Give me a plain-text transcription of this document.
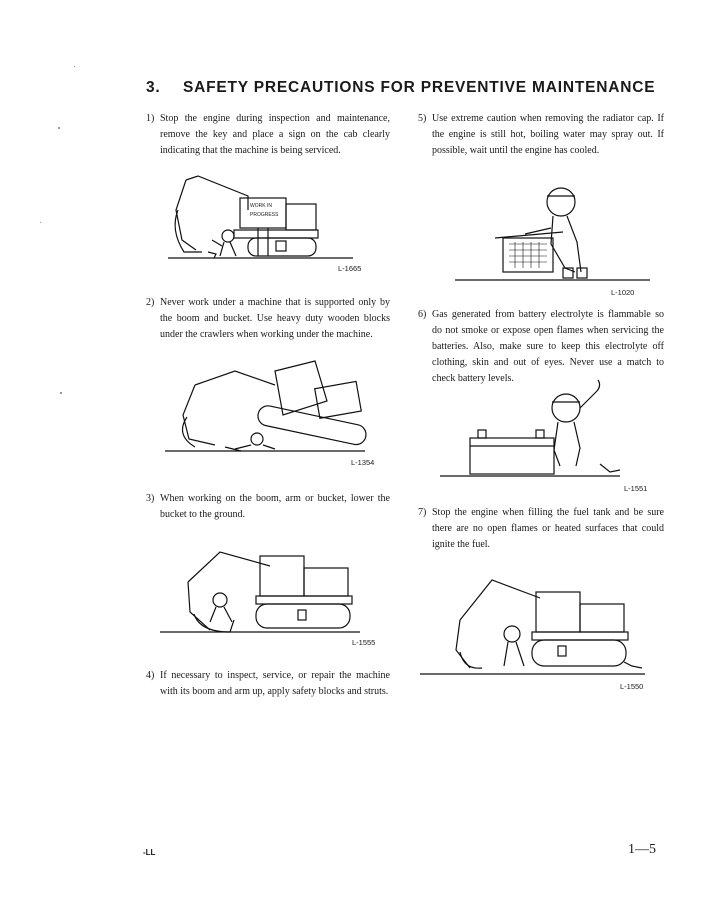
3. SAFETY PRECAUTIONS FOR PREVENTIVE MAINTENANCE
1) Stop the engine during inspection and maintenance, remove the key and place a sign on the cab clearly indicating that the machine is being serviced.
WORK IN
PROGRESS
L-1665
2) Never work under a machine that is supported only by the boom and bucket. Use heavy duty wooden blocks under the crawlers when working under the machine.
L-1354
3) When working on the boom, arm or bucket, lower the bucket to the ground.
L-1555
4) If necessary to inspect, service, or repair the machine with its boom and arm up, apply safety blocks and struts.
5) Use extreme caution when removing the radiator cap. If the engine is still hot, boiling water may spray out. If possible, wait until the engine has cooled.
L-1020
6) Gas generated from battery electrolyte is flammable so do not smoke or expose open flames when servicing the batteries. Also, make sure to keep this electrolyte off clothing, skin and out of eyes. Never use a match to check battery levels.
L-1551
7) Stop the engine when filling the fuel tank and be sure there are no open flames or heated surfaces that could ignite the fuel.
L-1550
-LL	1—5
